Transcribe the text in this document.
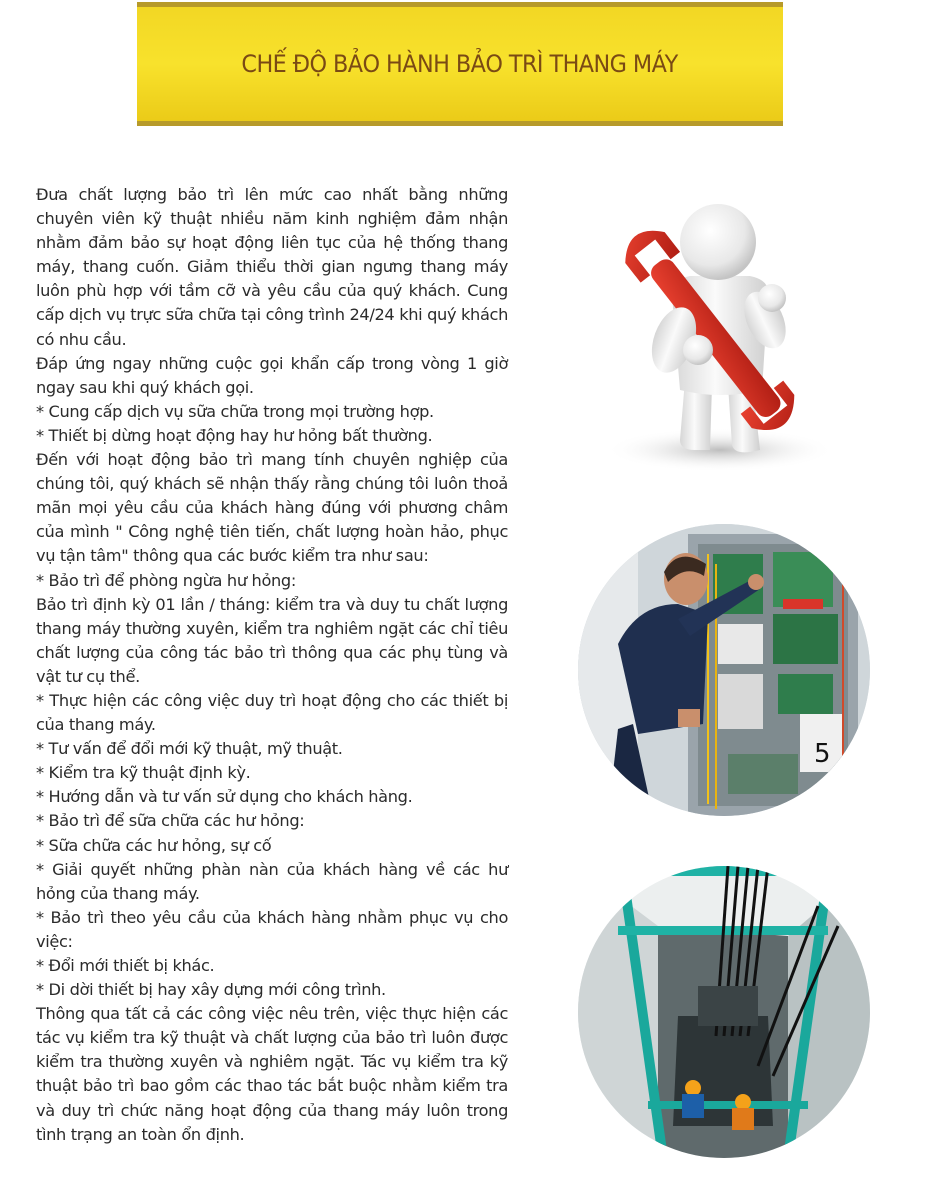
CHẾ ĐỘ BẢO HÀNH BẢO TRÌ THANG MÁY

Đưa chất lượng bảo trì lên mức cao nhất bằng những chuyên viên kỹ thuật nhiều năm kinh nghiệm đảm nhận nhằm đảm bảo sự hoạt động liên tục của hệ thống thang máy, thang cuốn. Giảm thiểu thời gian ngưng thang máy luôn phù hợp với tầm cỡ và yêu cầu của quý khách. Cung cấp dịch vụ trực sữa chữa tại công trình 24/24 khi quý khách có nhu cầu.

Đáp ứng ngay những cuộc gọi khẩn cấp trong vòng 1 giờ ngay sau khi quý khách gọi.

* Cung cấp dịch vụ sữa chữa trong mọi trường hợp.

* Thiết bị dừng hoạt động hay hư hỏng bất thường.

Đến với hoạt động bảo trì mang tính chuyên nghiệp của chúng tôi, quý khách sẽ nhận thấy rằng chúng tôi luôn thoả mãn mọi yêu cầu của khách hàng đúng với phương châm của mình " Công nghệ tiên tiến, chất lượng hoàn hảo, phục vụ tận tâm" thông qua các bước kiểm tra như sau:

* Bảo trì để phòng ngừa hư hỏng:

Bảo trì định kỳ 01 lần / tháng: kiểm tra và duy tu chất lượng thang máy thường xuyên, kiểm tra nghiêm ngặt các chỉ tiêu chất lượng của công tác bảo trì thông qua các phụ tùng và vật tư cụ thể.

* Thực hiện các công việc duy trì hoạt động cho các thiết bị của thang máy.

* Tư vấn để đổi mới kỹ thuật, mỹ thuật.

* Kiểm tra kỹ thuật định kỳ.

* Hướng dẫn và tư vấn sử dụng cho khách hàng.

* Bảo trì để sữa chữa các hư hỏng:

* Sữa chữa các hư hỏng, sự cố

* Giải quyết những phàn nàn của khách hàng về các hư hỏng của thang máy.

* Bảo trì theo yêu cầu của khách hàng nhằm phục vụ cho việc:

* Đổi mới thiết bị khác.

* Di dời thiết bị hay xây dựng mới công trình.

Thông qua tất cả các công việc nêu trên, việc thực hiện các tác vụ kiểm tra kỹ thuật và chất lượng của bảo trì luôn được kiểm tra thường xuyên và nghiêm ngặt. Tác vụ kiểm tra kỹ thuật bảo trì bao gồm các thao tác bắt buộc nhằm kiểm tra và duy trì chức năng hoạt động của thang máy luôn trong tình trạng an toàn ổn định.

5
